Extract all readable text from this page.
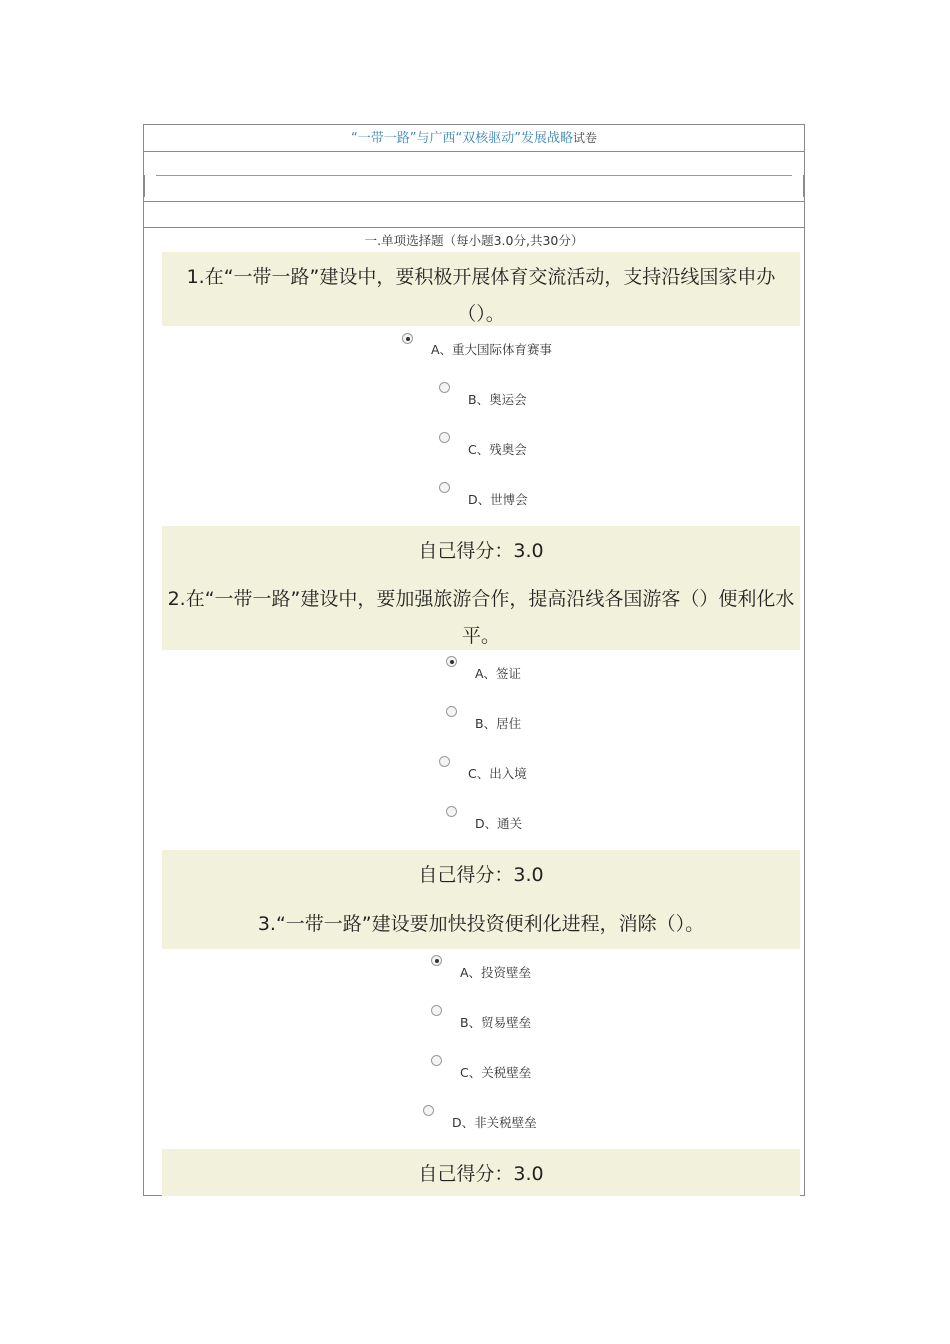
“一带一路”与广西“双核驱动”发展战略试卷
一.单项选择题（每小题3.0分,共30分）
1.在“一带一路”建设中，要积极开展体育交流活动，支持沿线国家申办（）。
A、重大国际体育赛事
B、奥运会
C、残奥会
D、世博会
自己得分：3.0
2.在“一带一路”建设中，要加强旅游合作，提高沿线各国游客（）便利化水平。
A、签证
B、居住
C、出入境
D、通关
自己得分：3.0
3.“一带一路”建设要加快投资便利化进程，消除（）。
A、投资壁垒
B、贸易壁垒
C、关税壁垒
D、非关税壁垒
自己得分：3.0
